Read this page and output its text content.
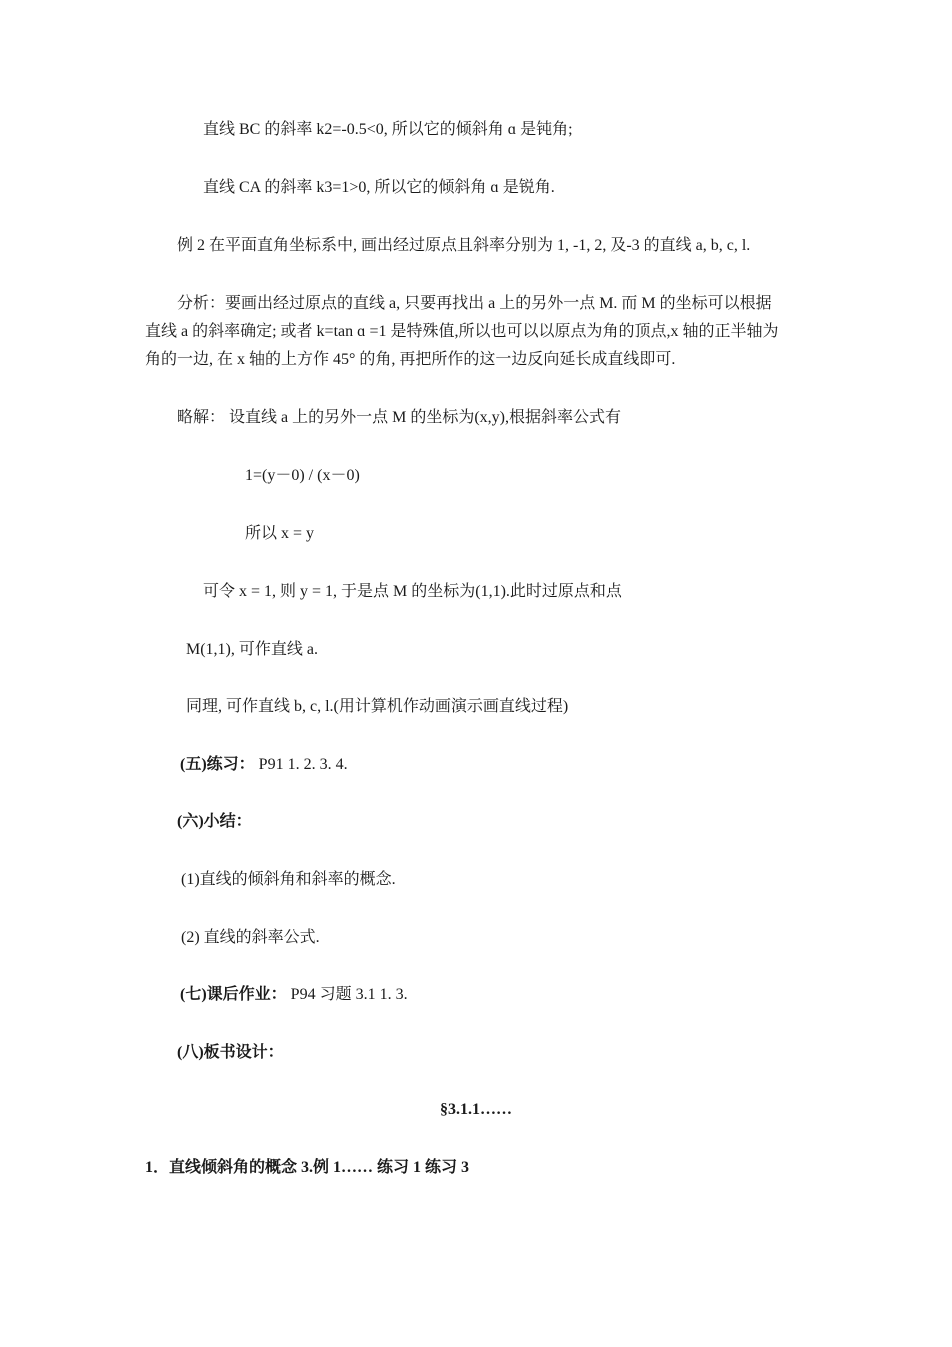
直线 BC 的斜率 k2=-0.5<0, 所以它的倾斜角 ɑ 是钝角;
直线 CA 的斜率 k3=1>0, 所以它的倾斜角 ɑ 是锐角.
例 2 在平面直角坐标系中, 画出经过原点且斜率分别为 1, -1, 2, 及-3 的直线 a, b, c, l.
分析：要画出经过原点的直线 a, 只要再找出 a 上的另外一点 M. 而 M 的坐标可以根据
直线 a 的斜率确定; 或者 k=tan ɑ =1 是特殊值,所以也可以以原点为角的顶点,x 轴的正半轴为
角的一边, 在 x 轴的上方作 45° 的角, 再把所作的这一边反向延长成直线即可.
略解： 设直线 a 上的另外一点 M 的坐标为(x,y),根据斜率公式有
1=(y－0) / (x－0)
所以 x = y
可令 x = 1, 则 y = 1, 于是点 M 的坐标为(1,1).此时过原点和点
M(1,1), 可作直线 a.
同理, 可作直线 b, c, l.(用计算机作动画演示画直线过程)
(五)练习： P91 1. 2. 3. 4.
(六)小结：
(1)直线的倾斜角和斜率的概念.
(2) 直线的斜率公式.
(七)课后作业： P94 习题 3.1 1. 3.
(八)板书设计：
§3.1.1……
1．直线倾斜角的概念 3.例 1…… 练习 1 练习 3
